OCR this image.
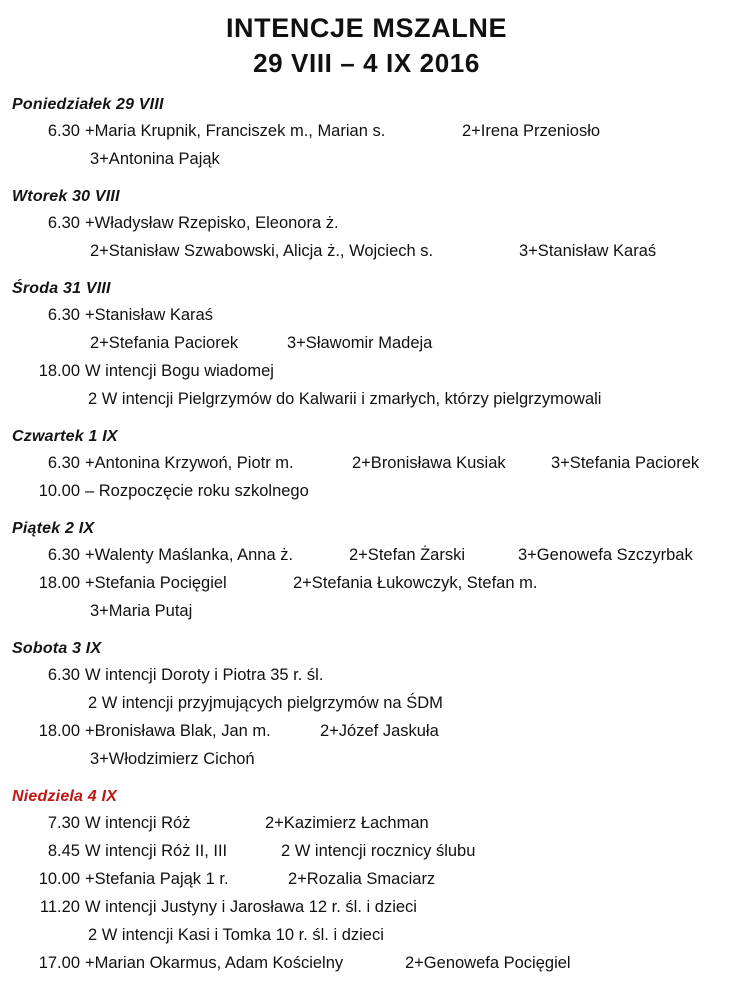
INTENCJE MSZALNE
29 VIII – 4 IX 2016
Poniedziałek 29 VIII
6.30 +Maria Krupnik, Franciszek m., Marian s.	2+Irena Przeniosło
3+Antonina Pająk
Wtorek 30 VIII
6.30 +Władysław Rzepisko, Eleonora ż.
2+Stanisław Szwabowski, Alicja ż., Wojciech s.	3+Stanisław Karaś
Środa 31 VIII
6.30 +Stanisław Karaś
2+Stefania Paciorek	3+Sławomir Madeja
18.00 W intencji Bogu wiadomej
2 W intencji Pielgrzymów do Kalwarii i zmarłych, którzy pielgrzymowali
Czwartek 1 IX
6.30 +Antonina Krzywoń, Piotr m.	2+Bronisława Kusiak	3+Stefania Paciorek
10.00 – Rozpoczęcie roku szkolnego
Piątek 2 IX
6.30 +Walenty Maślanka, Anna ż.	2+Stefan Żarski	3+Genowefa Szczyrbak
18.00 +Stefania Pocięgiel	2+Stefania Łukowczyk, Stefan m.
3+Maria Putaj
Sobota 3 IX
6.30 W intencji Doroty i Piotra 35 r. śl.
2 W intencji przyjmujących pielgrzymów na ŚDM
18.00 +Bronisława Blak, Jan m.	2+Józef Jaskuła
3+Włodzimierz Cichoń
Niedziela 4 IX
7.30 W intencji Róż	2+Kazimierz Łachman
8.45 W intencji Róż II, III	2 W intencji rocznicy ślubu
10.00 +Stefania Pająk 1 r.	2+Rozalia Smaciarz
11.20 W intencji Justyny i Jarosława 12 r. śl. i dzieci
2 W intencji Kasi i Tomka 10 r. śl. i dzieci
17.00 +Marian Okarmus, Adam Kościelny	2+Genowefa Pocięgiel
